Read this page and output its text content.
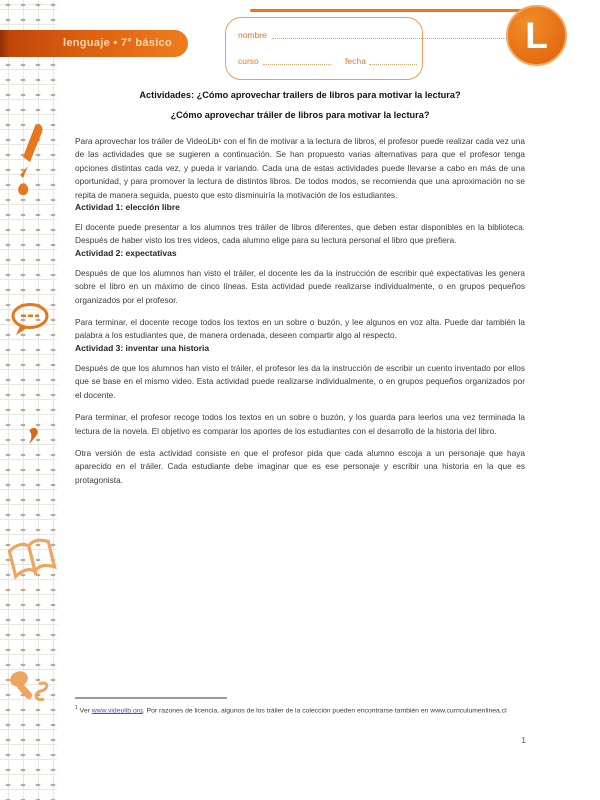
lenguaje • 7° básico
nombre
curso	fecha
L

Actividades: ¿Cómo aprovechar trailers de libros para motivar la lectura?

¿Cómo aprovechar tráiler de libros para motivar la lectura?

Para aprovechar los tráiler de VideoLib¹ con el fin de motivar a la lectura de libros, el profesor puede realizar cada vez una de las actividades que se sugieren a continuación. Se han propuesto varias alternativas para que el profesor tenga opciones distintas cada vez, y pueda ir variando. Cada una de estas actividades puede llevarse a cabo en más de una oportunidad, y para promover la lectura de distintos libros. De todos modos, se recomienda que una aproximación no se repita de manera seguida, puesto que esto disminuiría la motivación de los estudiantes.

Actividad 1: elección libre

El docente puede presentar a los alumnos tres tráiler de libros diferentes, que deben estar disponibles en la biblioteca. Después de haber visto los tres videos, cada alumno elige para su lectura personal el libro que prefiera.

Actividad 2: expectativas

Después de que los alumnos han visto el tráiler, el docente les da la instrucción de escribir qué expectativas les genera sobre el libro en un máximo de cinco líneas. Esta actividad puede realizarse individualmente, o en grupos pequeños organizados por el profesor.

Para terminar, el docente recoge todos los textos en un sobre o buzón, y lee algunos en voz alta. Puede dar también la palabra a los estudiantes que, de manera ordenada, deseen compartir algo al respecto.

Actividad 3: inventar una historia

Después de que los alumnos han visto el tráiler, el profesor les da la instrucción de escribir un cuento inventado por ellos que se base en el mismo video. Esta actividad puede realizarse individualmente, o en grupos pequeños organizados por el docente.

Para terminar, el profesor recoge todos los textos en un sobre o buzón, y los guarda para leerlos una vez terminada la lectura de la novela. El objetivo es comparar los aportes de los estudiantes con el desarrollo de la historia del libro.

Otra versión de esta actividad consiste en que el profesor pida que cada alumno escoja a un personaje que haya aparecido en el tráiler. Cada estudiante debe imaginar que es ese personaje y escribir una historia en la que es protagonista.

$^1$ Ver www.videolib.org. Por razones de licencia, algunos de los tráiler de la colección pueden encontrarse también en www.curriculumenlinea.cl
1
